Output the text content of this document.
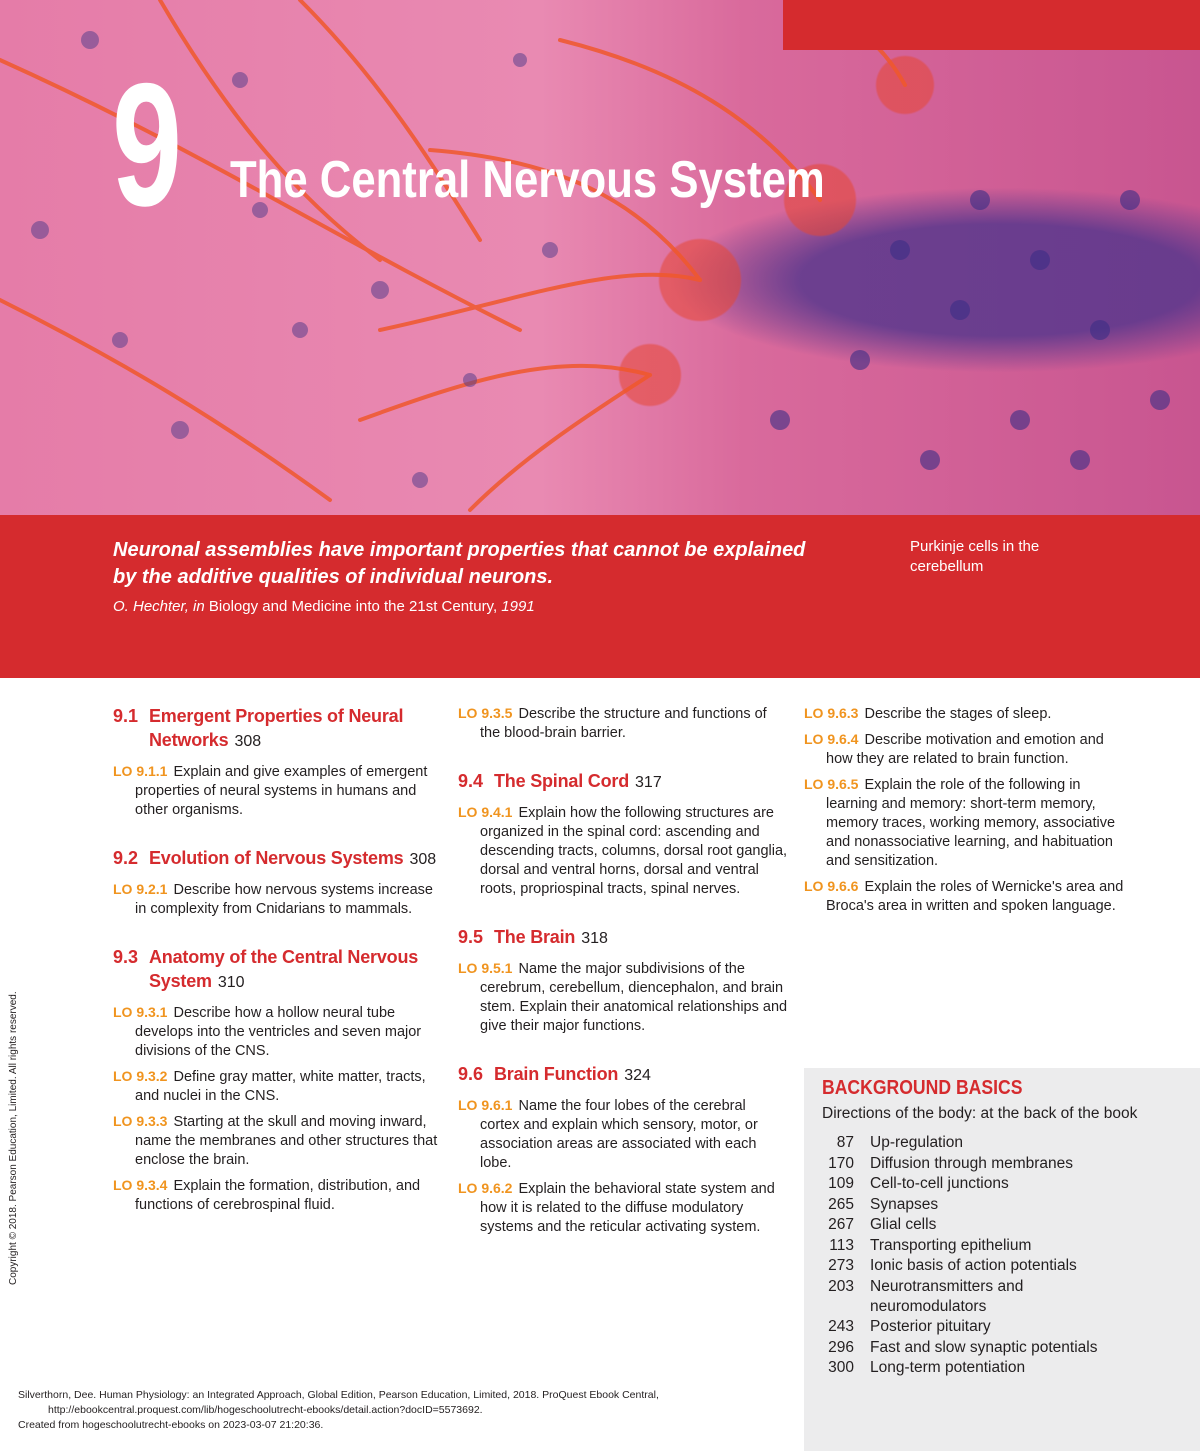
9 The Central Nervous System
Neuronal assemblies have important properties that cannot be explained by the additive qualities of individual neurons.
O. Hechter, in Biology and Medicine into the 21st Century, 1991
Purkinje cells in the cerebellum
9.1 Emergent Properties of Neural Networks 308
LO 9.1.1 Explain and give examples of emergent properties of neural systems in humans and other organisms.
9.2 Evolution of Nervous Systems 308
LO 9.2.1 Describe how nervous systems increase in complexity from Cnidarians to mammals.
9.3 Anatomy of the Central Nervous System 310
LO 9.3.1 Describe how a hollow neural tube develops into the ventricles and seven major divisions of the CNS.
LO 9.3.2 Define gray matter, white matter, tracts, and nuclei in the CNS.
LO 9.3.3 Starting at the skull and moving inward, name the membranes and other structures that enclose the brain.
LO 9.3.4 Explain the formation, distribution, and functions of cerebrospinal fluid.
LO 9.3.5 Describe the structure and functions of the blood-brain barrier.
9.4 The Spinal Cord 317
LO 9.4.1 Explain how the following structures are organized in the spinal cord: ascending and descending tracts, columns, dorsal root ganglia, dorsal and ventral horns, dorsal and ventral roots, propriospinal tracts, spinal nerves.
9.5 The Brain 318
LO 9.5.1 Name the major subdivisions of the cerebrum, cerebellum, diencephalon, and brain stem. Explain their anatomical relationships and give their major functions.
9.6 Brain Function 324
LO 9.6.1 Name the four lobes of the cerebral cortex and explain which sensory, motor, or association areas are associated with each lobe.
LO 9.6.2 Explain the behavioral state system and how it is related to the diffuse modulatory systems and the reticular activating system.
LO 9.6.3 Describe the stages of sleep.
LO 9.6.4 Describe motivation and emotion and how they are related to brain function.
LO 9.6.5 Explain the role of the following in learning and memory: short-term memory, memory traces, working memory, associative and nonassociative learning, and habituation and sensitization.
LO 9.6.6 Explain the roles of Wernicke's area and Broca's area in written and spoken language.
BACKGROUND BASICS
Directions of the body: at the back of the book
87 Up-regulation
170 Diffusion through membranes
109 Cell-to-cell junctions
265 Synapses
267 Glial cells
113 Transporting epithelium
273 Ionic basis of action potentials
203 Neurotransmitters and neuromodulators
243 Posterior pituitary
296 Fast and slow synaptic potentials
300 Long-term potentiation
Copyright © 2018. Pearson Education, Limited. All rights reserved.
Silverthorn, Dee. Human Physiology: an Integrated Approach, Global Edition, Pearson Education, Limited, 2018. ProQuest Ebook Central,
http://ebookcentral.proquest.com/lib/hogeschoolutrecht-ebooks/detail.action?docID=5573692.
Created from hogeschoolutrecht-ebooks on 2023-03-07 21:20:36.
